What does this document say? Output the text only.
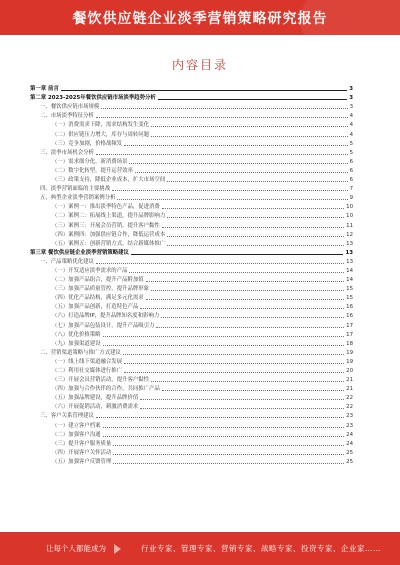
餐饮供应链企业淡季营销策略研究报告
内容目录
第一章 前言	3
第二章 2023-2025年餐饮供应链市场淡季趋势分析	3
一、餐饮供应链市场规模	3
二、市场淡季特征分析	4
（一）消费需求下降，需求结构发生变化	4
（二）供应链压力增大，库存与周转问题	4
（三）竞争加剧，价格战频发	5
三、淡季市场机会分析	5
（一）需求细分化，新消费场景	6
（二）数字化转型，提升运营效率	6
（三）政策支持，降低企业成本，扩大市场空间	6
四、淡季营销面临的主要挑战	7
五、典型企业淡季营销案例分析	9
（一）案例一：推出淡季特色产品，促进消费	10
（二）案例二：拓展线上渠道，提升品牌影响力	10
（三）案例三：开展会员营销，提升客户黏性	11
（四）案例四：加强供应链合作，降低运营成本	12
（五）案例五：创新营销方式，结合新媒体推广	13
第三章 餐饮供应链企业淡季营销策略建议	13
一、产品策略优化建议	13
（一）开发适应淡季需求的产品	14
（二）加强产品组合，提升产品附加值	14
（三）加强产品质量管控，提升品牌形象	15
（四）优化产品结构，满足多元化需求	15
（五）加强产品创新，打造特色产品	16
（六）打造品牌IP，提升品牌知名度和影响力	16
（七）加强产品包装设计，提升产品吸引力	17
（八）优化价格策略	17
（九）加强渠道建设	18
二、营销渠道策略与推广方式建议	19
（一）线上线下渠道融合发展	19
（二）利用社交媒体进行推广	20
（三）开展会员营销活动，提升客户黏性	21
（四）加强与合作伙伴的合作，共同推广产品	21
（五）加强品牌建设，提升品牌价值	22
（六）开展促销活动，刺激消费需求	22
三、客户关系管理建议	23
（一）建立客户档案	23
（二）加强客户沟通	24
（三）提升客户服务质量	24
（四）开展客户关怀活动	25
（五）加强客户反馈管理	25
让每个人都能成为	行业专家、管理专家、营销专家、战略专家、投资专家、企业家……
